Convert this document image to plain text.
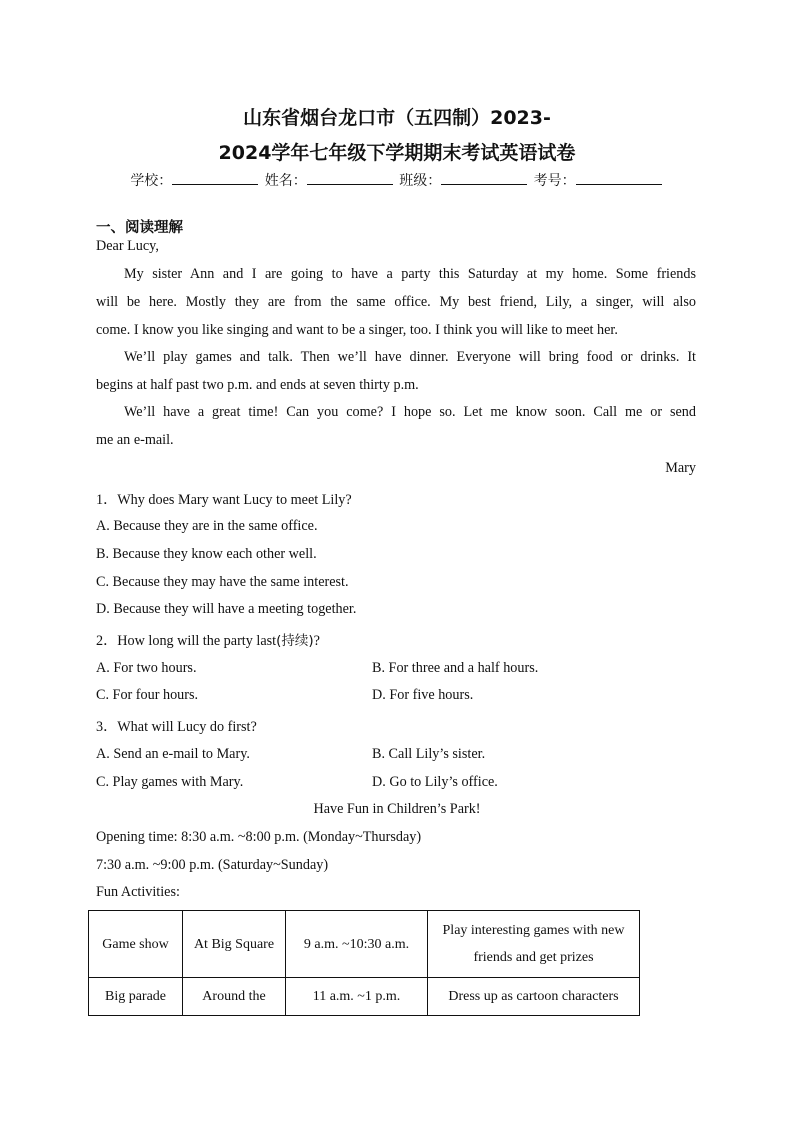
山东省烟台龙口市（五四制）2023-
2024学年七年级下学期期末考试英语试卷
学校：	姓名：	班级：	考号：
一、阅读理解
Dear Lucy,
My sister Ann and I are going to have a party this Saturday at my home. Some friends
will be here. Mostly they are from the same office. My best friend, Lily, a singer, will also
come. I know you like singing and want to be a singer, too. I think you will like to meet her.
We’ll play games and talk. Then we’ll have dinner. Everyone will bring food or drinks. It
begins at half past two p.m. and ends at seven thirty p.m.
We’ll have a great time! Can you come? I hope so. Let me know soon. Call me or send
me an e-mail.
Mary
1．Why does Mary want Lucy to meet Lily?
A. Because they are in the same office.
B. Because they know each other well.
C. Because they may have the same interest.
D. Because they will have a meeting together.
2．How long will the party last(持续)?
A. For two hours.	B. For three and a half hours.
C. For four hours.	D. For five hours.
3．What will Lucy do first?
A. Send an e-mail to Mary.	B. Call Lily’s sister.
C. Play games with Mary.	D. Go to Lily’s office.
Have Fun in Children’s Park!
Opening time: 8:30 a.m. ~8:00 p.m. (Monday~Thursday)
7:30 a.m. ~9:00 p.m. (Saturday~Sunday)
Fun Activities:
Game show	At Big Square	9 a.m. ~10:30 a.m.	Play interesting games with new friends and get prizes
Big parade	Around the	11 a.m. ~1 p.m.	Dress up as cartoon characters
